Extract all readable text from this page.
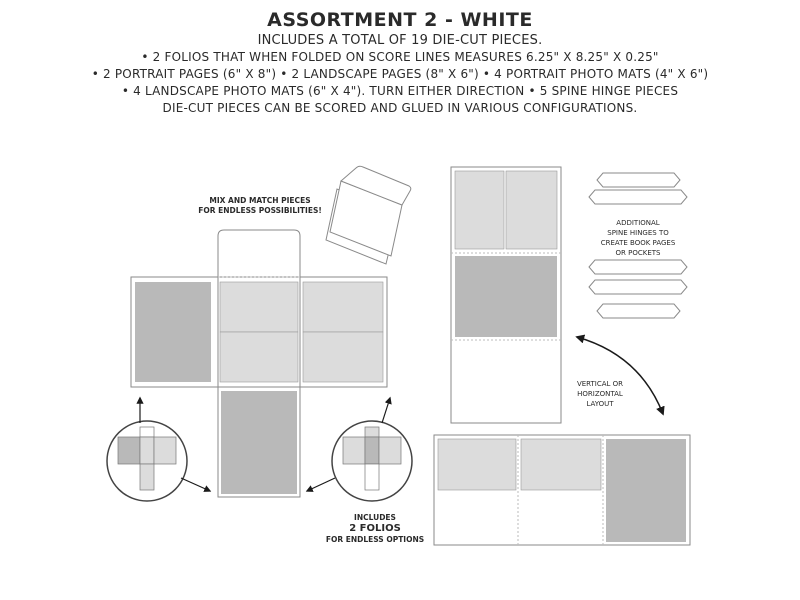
ASSORTMENT 2 - WHITE
INCLUDES A TOTAL OF 19 DIE-CUT PIECES.
• 2 FOLIOS THAT WHEN FOLDED ON SCORE LINES MEASURES 6.25" X 8.25" X 0.25"
• 2 PORTRAIT PAGES (6" X 8") • 2 LANDSCAPE PAGES (8" X 6") • 4 PORTRAIT PHOTO MATS (4" X 6")
• 4 LANDSCAPE PHOTO MATS (6" X 4"). TURN EITHER DIRECTION • 5 SPINE HINGE PIECES
DIE-CUT PIECES CAN BE SCORED AND GLUED IN VARIOUS CONFIGURATIONS.
MIX AND MATCH PIECES
FOR ENDLESS POSSIBILITIES!
ADDITIONAL
SPINE HINGES TO
CREATE BOOK PAGES
OR POCKETS
VERTICAL OR
HORIZONTAL
LAYOUT
INCLUDES
2 FOLIOS
FOR ENDLESS OPTIONS
